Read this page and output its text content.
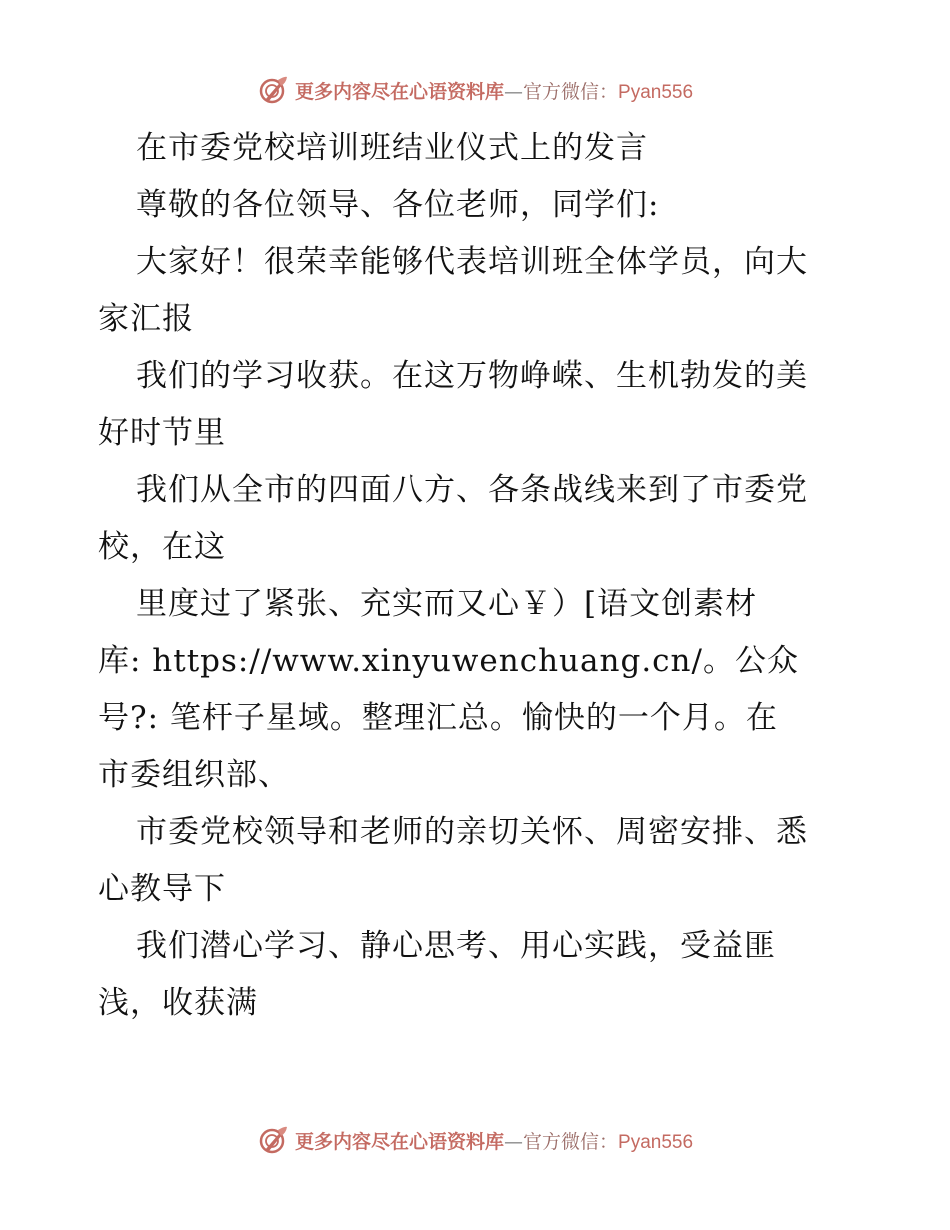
更多内容尽在心语资料库—官方微信：Pyan556
在市委党校培训班结业仪式上的发言
尊敬的各位领导、各位老师，同学们:
大家好！很荣幸能够代表培训班全体学员，向大
家汇报
我们的学习收获。在这万物峥嵘、生机勃发的美
好时节里
我们从全市的四面八方、各条战线来到了市委党
校，在这
里度过了紧张、充实而又心￥）[语文创素材
库: https://www.xinyuwenchuang.cn/。公众
号?: 笔杆子星域。整理汇总。愉快的一个月。在
市委组织部、
市委党校领导和老师的亲切关怀、周密安排、悉
心教导下
我们潜心学习、静心思考、用心实践，受益匪
浅，收获满
更多内容尽在心语资料库—官方微信：Pyan556
